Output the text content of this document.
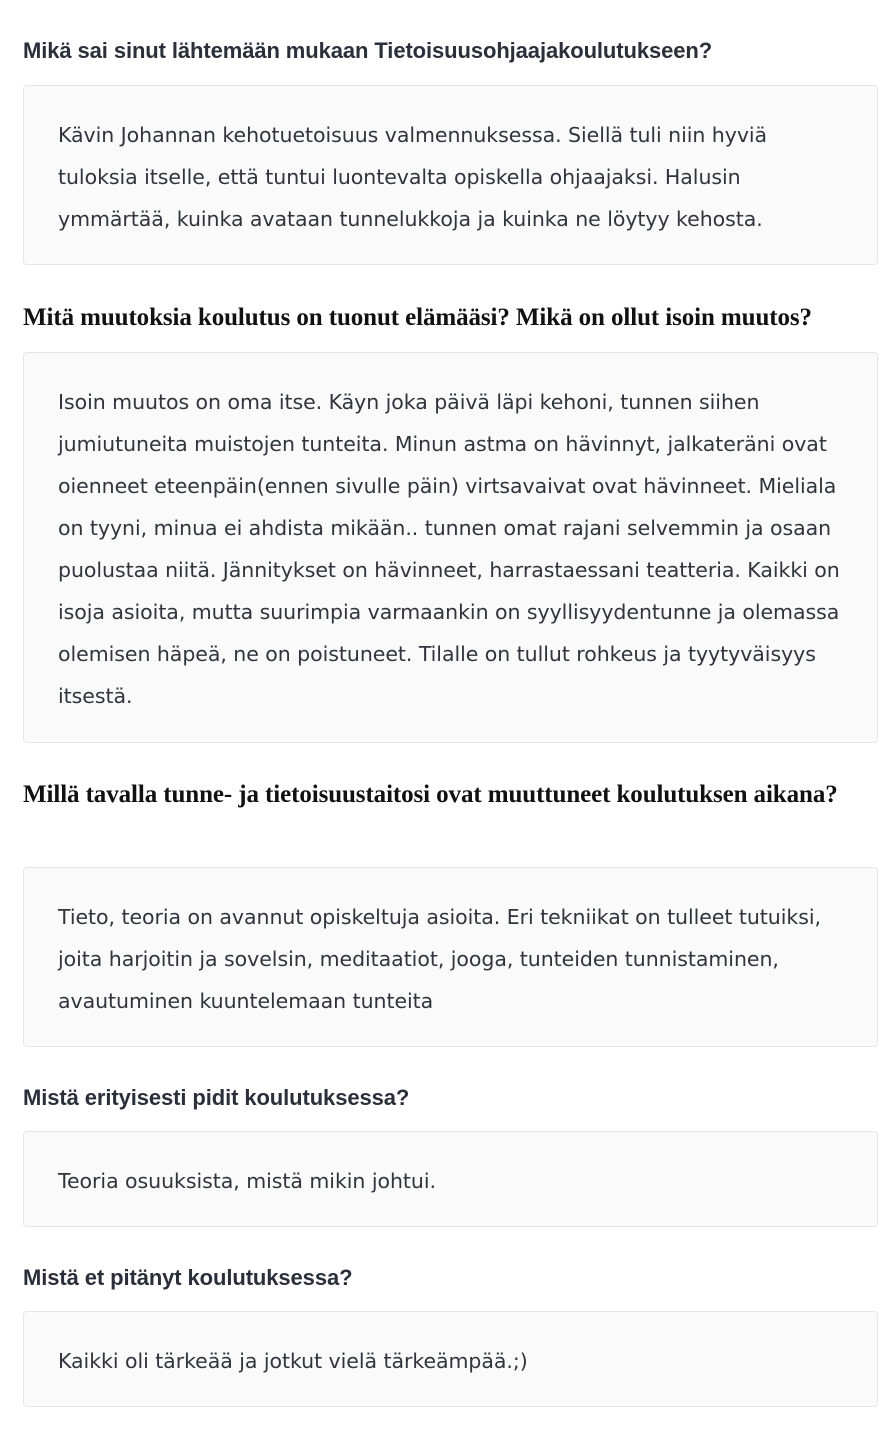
Mikä sai sinut lähtemään mukaan Tietoisuusohjaajakoulutukseen?

Kävin Johannan kehotuetoisuus valmennuksessa. Siellä tuli niin hyviä tuloksia itselle, että tuntui luontevalta opiskella ohjaajaksi. Halusin ymmärtää, kuinka avataan tunnelukkoja ja kuinka ne löytyy kehosta.

Mitä muutoksia koulutus on tuonut elämääsi? Mikä on ollut isoin muutos?

Isoin muutos on oma itse. Käyn joka päivä läpi kehoni, tunnen siihen jumiutuneita muistojen tunteita. Minun astma on hävinnyt, jalkateräni ovat oienneet eteenpäin(ennen sivulle päin) virtsavaivat ovat hävinneet. Mieliala on tyyni, minua ei ahdista mikään.. tunnen omat rajani selvemmin ja osaan puolustaa niitä. Jännitykset on hävinneet, harrastaessani teatteria. Kaikki on isoja asioita, mutta suurimpia varmaankin on syyllisyydentunne ja olemassa olemisen häpeä, ne on poistuneet. Tilalle on tullut rohkeus ja tyytyväisyys itsestä.

Millä tavalla tunne- ja tietoisuustaitosi ovat muuttuneet koulutuksen aikana?

Tieto, teoria on avannut opiskeltuja asioita. Eri tekniikat on tulleet tutuiksi, joita harjoitin ja sovelsin, meditaatiot, jooga, tunteiden tunnistaminen, avautuminen kuuntelemaan tunteita

Mistä erityisesti pidit koulutuksessa?

Teoria osuuksista, mistä mikin johtui.

Mistä et pitänyt koulutuksessa?

Kaikki oli tärkeää ja jotkut vielä tärkeämpää.;)
